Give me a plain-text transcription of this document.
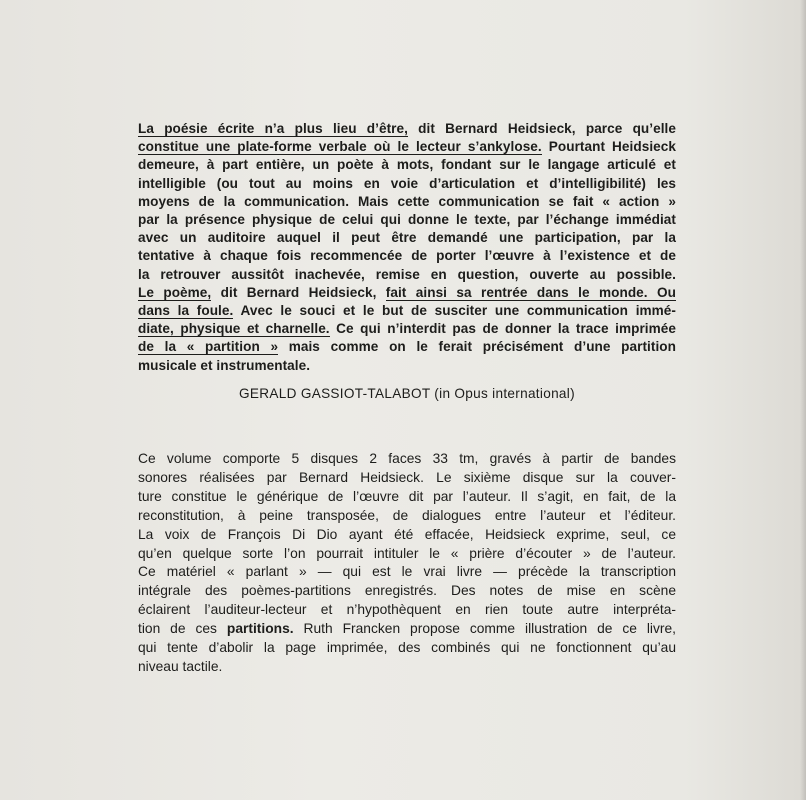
La poésie écrite n’a plus lieu d’être, dit Bernard Heidsieck, parce qu’elle
constitue une plate-forme verbale où le lecteur s’ankylose. Pourtant Heidsieck
demeure, à part entière, un poète à mots, fondant sur le langage articulé et
intelligible (ou tout au moins en voie d’articulation et d’intelligibilité) les
moyens de la communication. Mais cette communication se fait « action »
par la présence physique de celui qui donne le texte, par l’échange immédiat
avec un auditoire auquel il peut être demandé une participation, par la
tentative à chaque fois recommencée de porter l’œuvre à l’existence et de
la retrouver aussitôt inachevée, remise en question, ouverte au possible.
Le poème, dit Bernard Heidsieck, fait ainsi sa rentrée dans le monde. Ou
dans la foule. Avec le souci et le but de susciter une communication immé-
diate, physique et charnelle. Ce qui n’interdit pas de donner la trace imprimée
de la « partition » mais comme on le ferait précisément d’une partition
musicale et instrumentale.
GERALD GASSIOT-TALABOT (in Opus international)
Ce volume comporte 5 disques 2 faces 33 tm, gravés à partir de bandes
sonores réalisées par Bernard Heidsieck. Le sixième disque sur la couver-
ture constitue le générique de l’œuvre dit par l’auteur. Il s’agit, en fait, de la
reconstitution, à peine transposée, de dialogues entre l’auteur et l’éditeur.
La voix de François Di Dio ayant été effacée, Heidsieck exprime, seul, ce
qu’en quelque sorte l’on pourrait intituler le « prière d’écouter » de l’auteur.
Ce matériel « parlant » — qui est le vrai livre — précède la transcription
intégrale des poèmes-partitions enregistrés. Des notes de mise en scène
éclairent l’auditeur-lecteur et n’hypothèquent en rien toute autre interpréta-
tion de ces partitions. Ruth Francken propose comme illustration de ce livre,
qui tente d’abolir la page imprimée, des combinés qui ne fonctionnent qu’au
niveau tactile.
